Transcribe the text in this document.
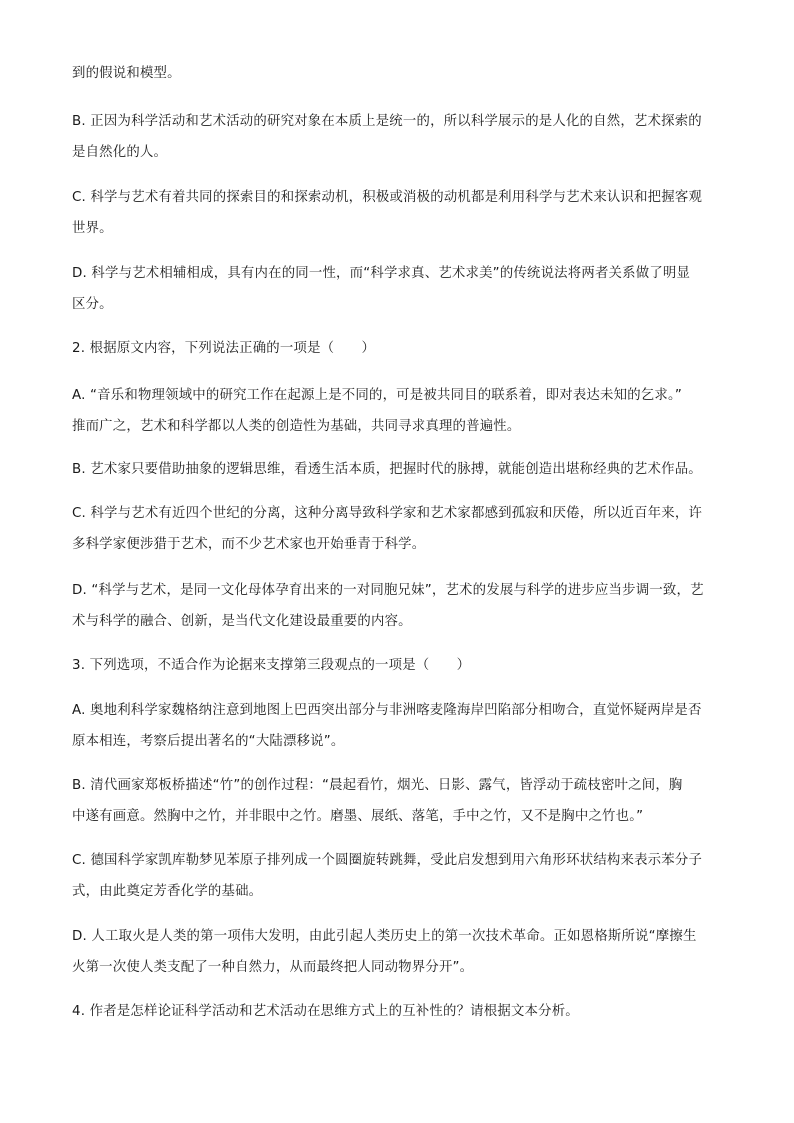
到的假说和模型。

B. 正因为科学活动和艺术活动的研究对象在本质上是统一的，所以科学展示的是人化的自然，艺术探索的
是自然化的人。

C. 科学与艺术有着共同的探索目的和探索动机，积极或消极的动机都是利用科学与艺术来认识和把握客观
世界。

D. 科学与艺术相辅相成，具有内在的同一性，而“科学求真、艺术求美”的传统说法将两者关系做了明显
区分。

2. 根据原文内容，下列说法正确的一项是（　　）

A. “音乐和物理领域中的研究工作在起源上是不同的，可是被共同目的联系着，即对表达未知的乞求。”
推而广之，艺术和科学都以人类的创造性为基础，共同寻求真理的普遍性。

B. 艺术家只要借助抽象的逻辑思维，看透生活本质，把握时代的脉搏，就能创造出堪称经典的艺术作品。

C. 科学与艺术有近四个世纪的分离，这种分离导致科学家和艺术家都感到孤寂和厌倦，所以近百年来，许
多科学家便涉猎于艺术，而不少艺术家也开始垂青于科学。

D. “科学与艺术，是同一文化母体孕育出来的一对同胞兄妹”，艺术的发展与科学的进步应当步调一致，艺
术与科学的融合、创新，是当代文化建设最重要的内容。

3. 下列选项，不适合作为论据来支撑第三段观点的一项是（　　）

A. 奥地利科学家魏格纳注意到地图上巴西突出部分与非洲喀麦隆海岸凹陷部分相吻合，直觉怀疑两岸是否
原本相连，考察后提出著名的“大陆漂移说”。

B. 清代画家郑板桥描述“竹”的创作过程：“晨起看竹，烟光、日影、露气，皆浮动于疏枝密叶之间，胸
中遂有画意。然胸中之竹，并非眼中之竹。磨墨、展纸、落笔，手中之竹，又不是胸中之竹也。”

C. 德国科学家凯库勒梦见苯原子排列成一个圆圈旋转跳舞，受此启发想到用六角形环状结构来表示苯分子
式，由此奠定芳香化学的基础。

D. 人工取火是人类的第一项伟大发明，由此引起人类历史上的第一次技术革命。正如恩格斯所说“摩擦生
火第一次使人类支配了一种自然力，从而最终把人同动物界分开”。

4. 作者是怎样论证科学活动和艺术活动在思维方式上的互补性的？请根据文本分析。
